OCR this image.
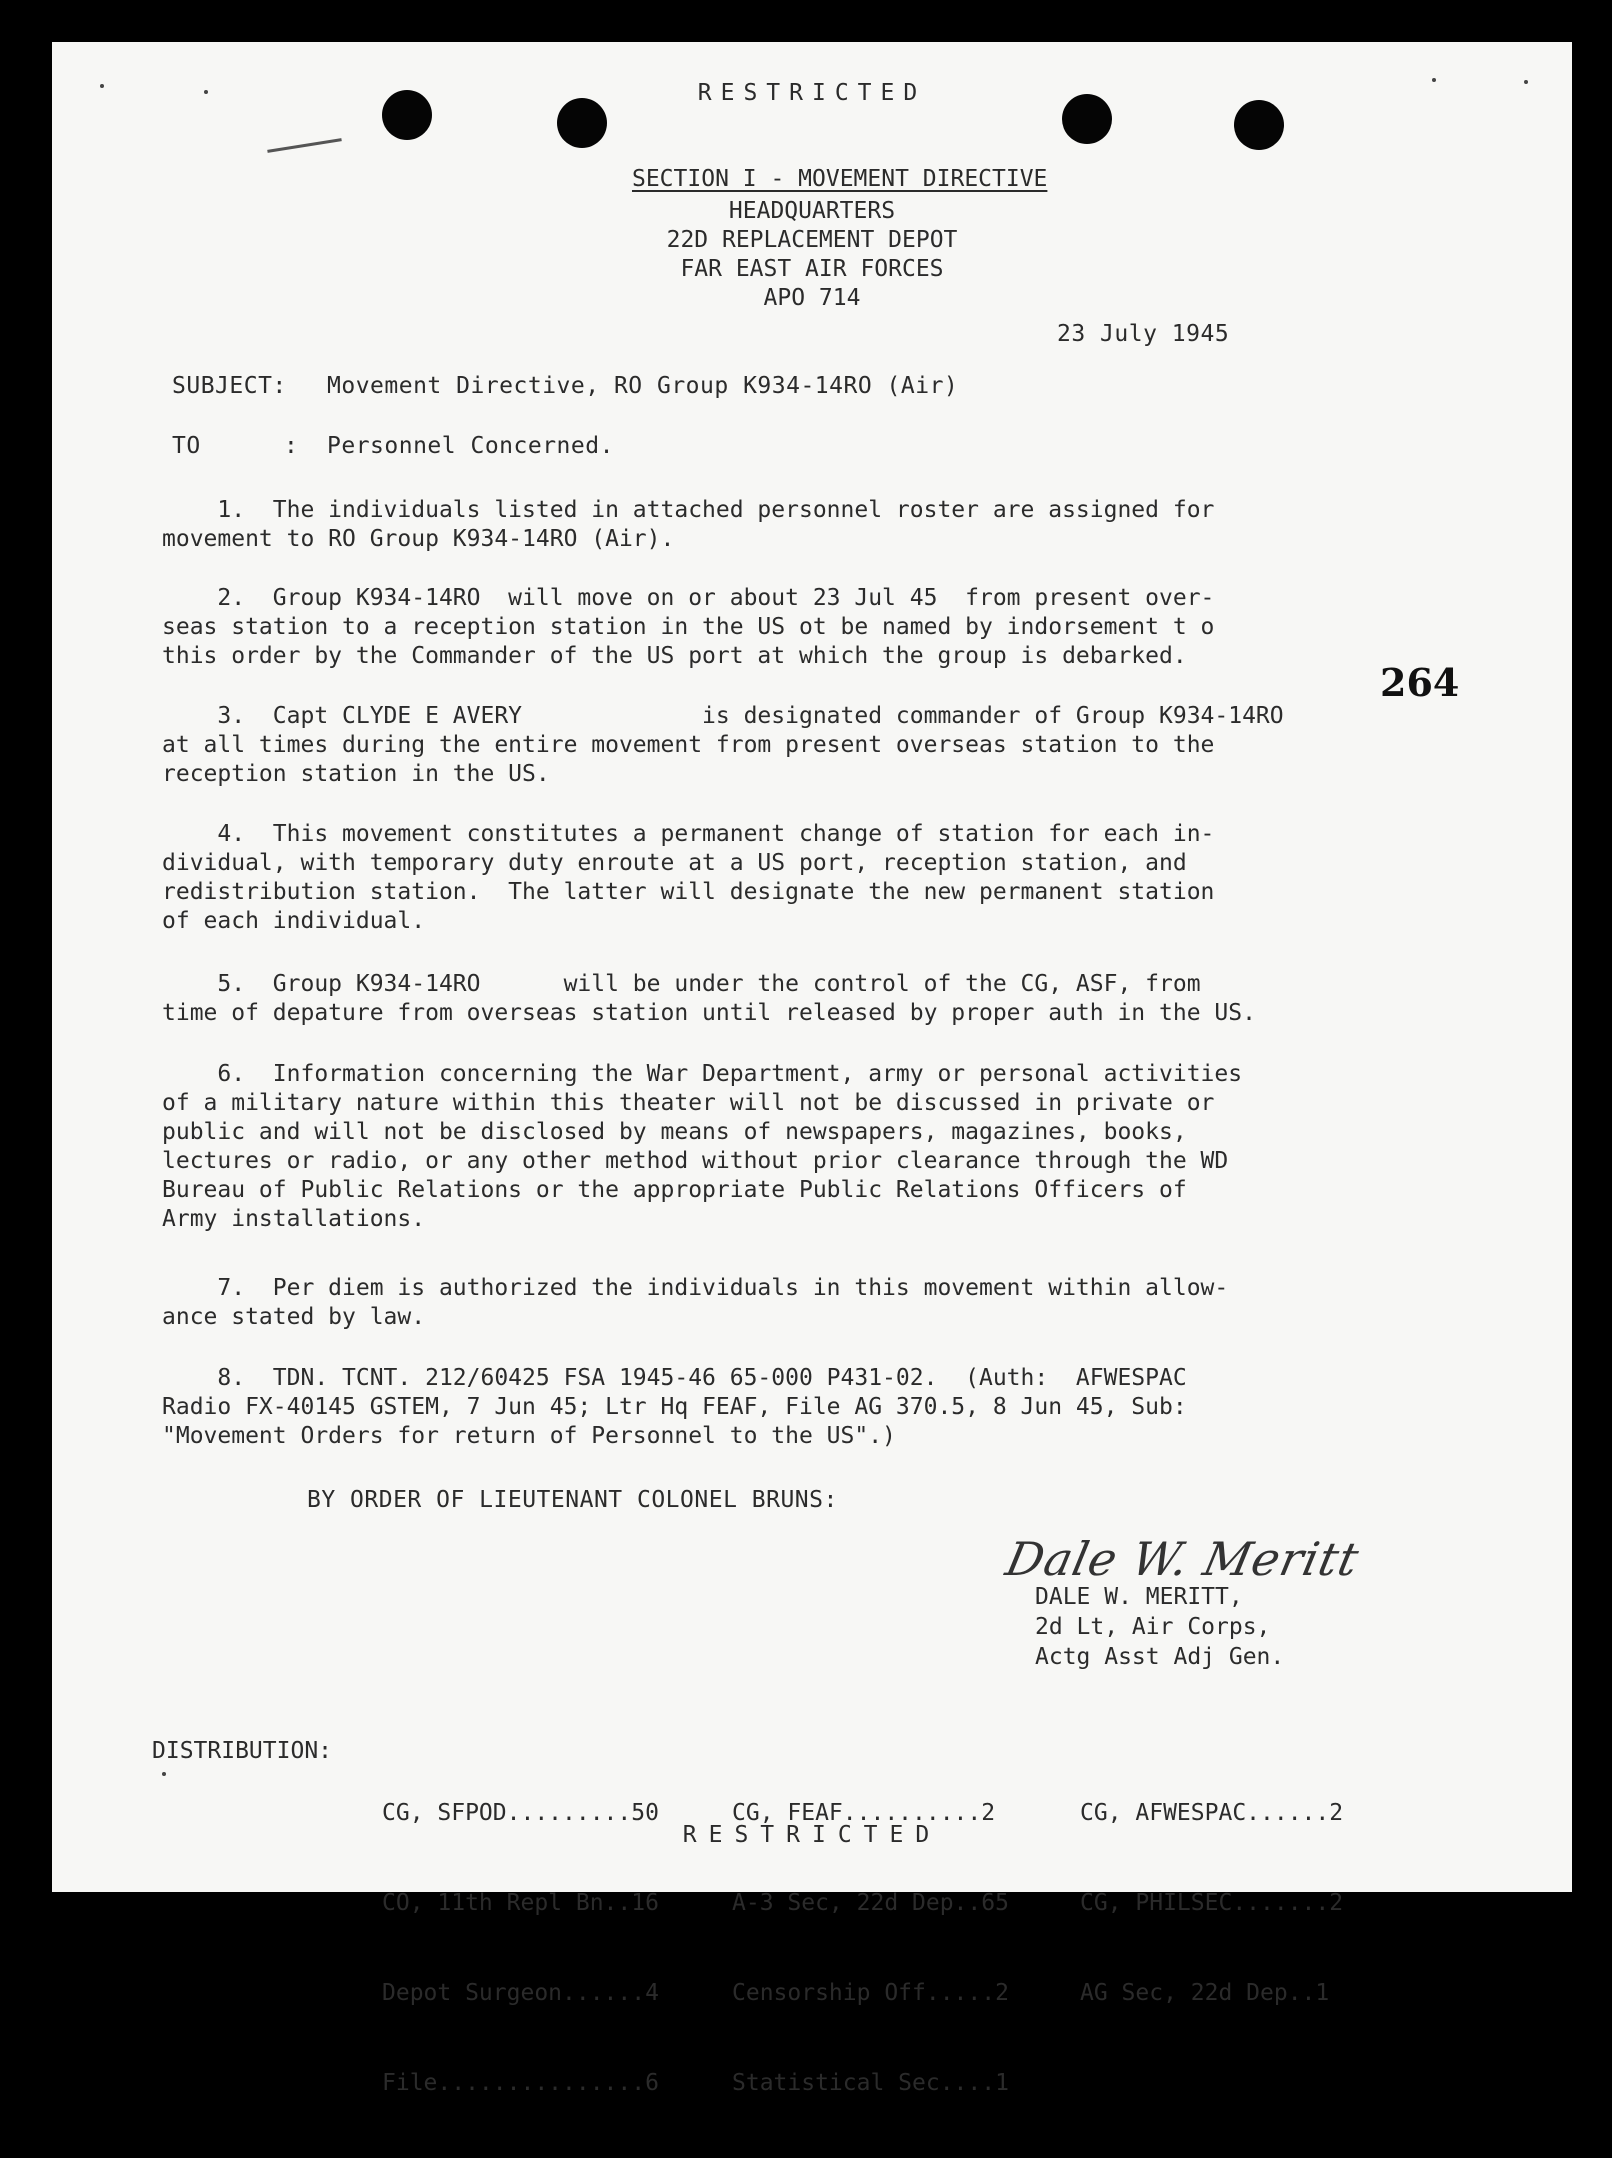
RESTRICTED

SECTION I - MOVEMENT DIRECTIVE

HEADQUARTERS
22D REPLACEMENT DEPOT
FAR EAST AIR FORCES
APO 714
23 July 1945
264
SUBJECT: Movement Directive, RO Group K934-14RO (Air)
TO	: Personnel Concerned.
1.  The individuals listed in attached personnel roster are assigned for
movement to RO Group K934-14RO (Air).
2.  Group K934-14RO  will move on or about 23 Jul 45  from present over-
seas station to a reception station in the US ot be named by indorsement t o
this order by the Commander of the US port at which the group is debarked.
3.  Capt CLYDE E AVERY             is designated commander of Group K934-14RO
at all times during the entire movement from present overseas station to the
reception station in the US.
4.  This movement constitutes a permanent change of station for each in-
dividual, with temporary duty enroute at a US port, reception station, and
redistribution station.  The latter will designate the new permanent station
of each individual.
5.  Group K934-14RO      will be under the control of the CG, ASF, from
time of depature from overseas station until released by proper auth in the US.
6.  Information concerning the War Department, army or personal activities
of a military nature within this theater will not be discussed in private or
public and will not be disclosed by means of newspapers, magazines, books,
lectures or radio, or any other method without prior clearance through the WD
Bureau of Public Relations or the appropriate Public Relations Officers of
Army installations.
7.  Per diem is authorized the individuals in this movement within allow-
ance stated by law.
8.  TDN. TCNT. 212/60425 FSA 1945-46 65-000 P431-02.  (Auth:  AFWESPAC
Radio FX-40145 GSTEM, 7 Jun 45; Ltr Hq FEAF, File AG 370.5, 8 Jun 45, Sub:
"Movement Orders for return of Personnel to the US".)
BY ORDER OF LIEUTENANT COLONEL BRUNS:
Dale W. Meritt
DALE W. MERITT,
2d Lt, Air Corps,
Actg Asst Adj Gen.
DISTRIBUTION:

CG, SFPOD.........50

CO, 11th Repl Bn..16

Depot Surgeon......4

File...............6

CG, FEAF..........2

A-3 Sec, 22d Dep..65

Censorship Off.....2

Statistical Sec....1

CG, AFWESPAC......2

CG, PHILSEC.......2

AG Sec, 22d Dep..1

RESTRICTED
